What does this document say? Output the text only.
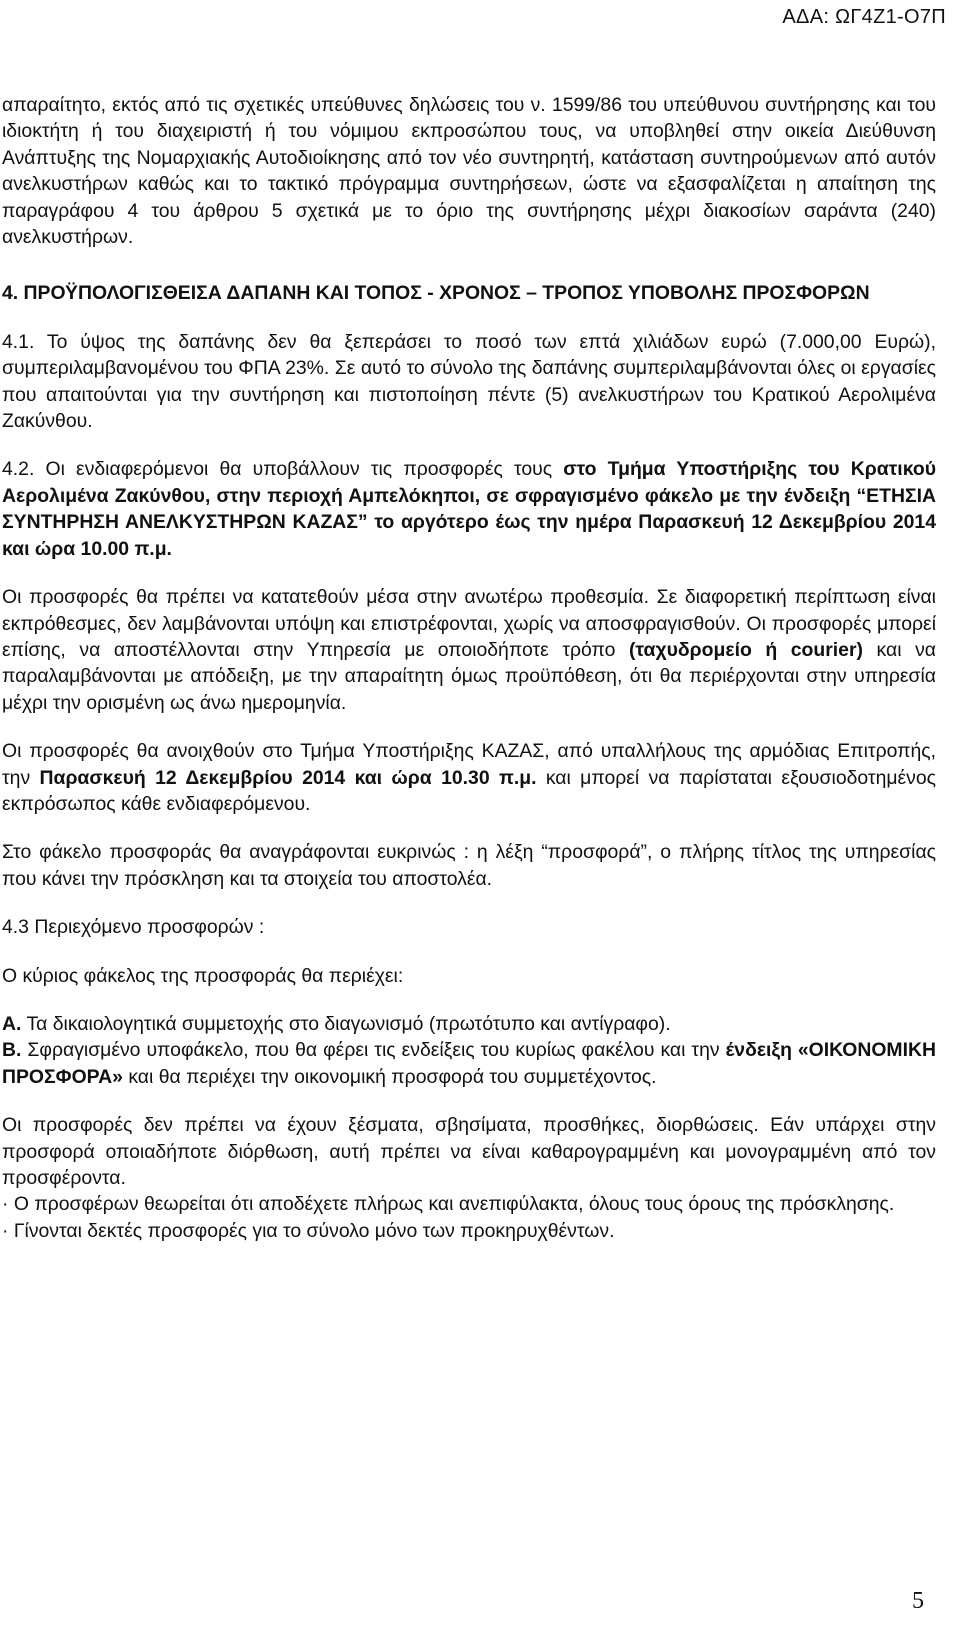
ΑΔΑ: ΩΓ4Ζ1-Ο7Π

απαραίτητο, εκτός από τις σχετικές υπεύθυνες δηλώσεις του ν. 1599/86 του υπεύθυνου συντήρησης και του ιδιοκτήτη ή του διαχειριστή ή του νόμιμου εκπροσώπου τους, να υποβληθεί στην οικεία Διεύθυνση Ανάπτυξης της Νομαρχιακής Αυτοδιοίκησης από τον νέο συντηρητή, κατάσταση συντηρούμενων από αυτόν ανελκυστήρων καθώς και το τακτικό πρόγραμμα συντηρήσεων, ώστε να εξασφαλίζεται η απαίτηση της παραγράφου 4 του άρθρου 5 σχετικά με το όριο της συντήρησης μέχρι διακοσίων σαράντα (240) ανελκυστήρων.

4. ΠΡΟΫΠΟΛΟΓΙΣΘΕΙΣΑ ΔΑΠΑΝΗ ΚΑΙ ΤΟΠΟΣ - ΧΡΟΝΟΣ – ΤΡΟΠΟΣ ΥΠΟΒΟΛΗΣ ΠΡΟΣΦΟΡΩΝ

4.1. Το ύψος της δαπάνης δεν θα ξεπεράσει το ποσό των επτά χιλιάδων ευρώ (7.000,00 Ευρώ), συμπεριλαμβανομένου του ΦΠΑ 23%. Σε αυτό το σύνολο της δαπάνης συμπεριλαμβάνονται όλες οι εργασίες που απαιτούνται για την συντήρηση και πιστοποίηση πέντε (5) ανελκυστήρων του Κρατικού Αερολιμένα Ζακύνθου.

4.2. Οι ενδιαφερόμενοι θα υποβάλλουν τις προσφορές τους στο Τμήμα Υποστήριξης του Κρατικού Αερολιμένα Ζακύνθου, στην περιοχή Αμπελόκηποι, σε σφραγισμένο φάκελο με την ένδειξη “ΕΤΗΣΙΑ ΣΥΝΤΗΡΗΣΗ ΑΝΕΛΚΥΣΤΗΡΩΝ ΚΑΖΑΣ” το αργότερο έως την ημέρα Παρασκευή 12 Δεκεμβρίου 2014 και ώρα 10.00 π.μ.

Οι προσφορές θα πρέπει να κατατεθούν μέσα στην ανωτέρω προθεσμία. Σε διαφορετική περίπτωση είναι εκπρόθεσμες, δεν λαμβάνονται υπόψη και επιστρέφονται, χωρίς να αποσφραγισθούν. Οι προσφορές μπορεί επίσης, να αποστέλλονται στην Υπηρεσία με οποιοδήποτε τρόπο (ταχυδρομείο ή courier) και να παραλαμβάνονται με απόδειξη, με την απαραίτητη όμως προϋπόθεση, ότι θα περιέρχονται στην υπηρεσία μέχρι την ορισμένη ως άνω ημερομηνία.

Οι προσφορές θα ανοιχθούν στο Τμήμα Υποστήριξης ΚΑΖΑΣ, από υπαλλήλους της αρμόδιας Επιτροπής, την Παρασκευή 12 Δεκεμβρίου 2014 και ώρα 10.30 π.μ. και μπορεί να παρίσταται εξουσιοδοτημένος εκπρόσωπος κάθε ενδιαφερόμενου.

Στο φάκελο προσφοράς θα αναγράφονται ευκρινώς : η λέξη “προσφορά”, ο πλήρης τίτλος της υπηρεσίας που κάνει την πρόσκληση και τα στοιχεία του αποστολέα.

4.3 Περιεχόμενο προσφορών :

Ο κύριος φάκελος της προσφοράς θα περιέχει:

Α. Τα δικαιολογητικά συμμετοχής στο διαγωνισμό (πρωτότυπο και αντίγραφο).

Β. Σφραγισμένο υποφάκελο, που θα φέρει τις ενδείξεις του κυρίως φακέλου και την ένδειξη «ΟΙΚΟΝΟΜΙΚΗ ΠΡΟΣΦΟΡΑ» και θα περιέχει την οικονομική προσφορά του συμμετέχοντος.

Οι προσφορές δεν πρέπει να έχουν ξέσματα, σβησίματα, προσθήκες, διορθώσεις. Εάν υπάρχει στην προσφορά οποιαδήποτε διόρθωση, αυτή πρέπει να είναι καθαρογραμμένη και μονογραμμένη από τον προσφέροντα.

· Ο προσφέρων θεωρείται ότι αποδέχετε πλήρως και ανεπιφύλακτα, όλους τους όρους της πρόσκλησης.

· Γίνονται δεκτές προσφορές για το σύνολο μόνο των προκηρυχθέντων.

5
